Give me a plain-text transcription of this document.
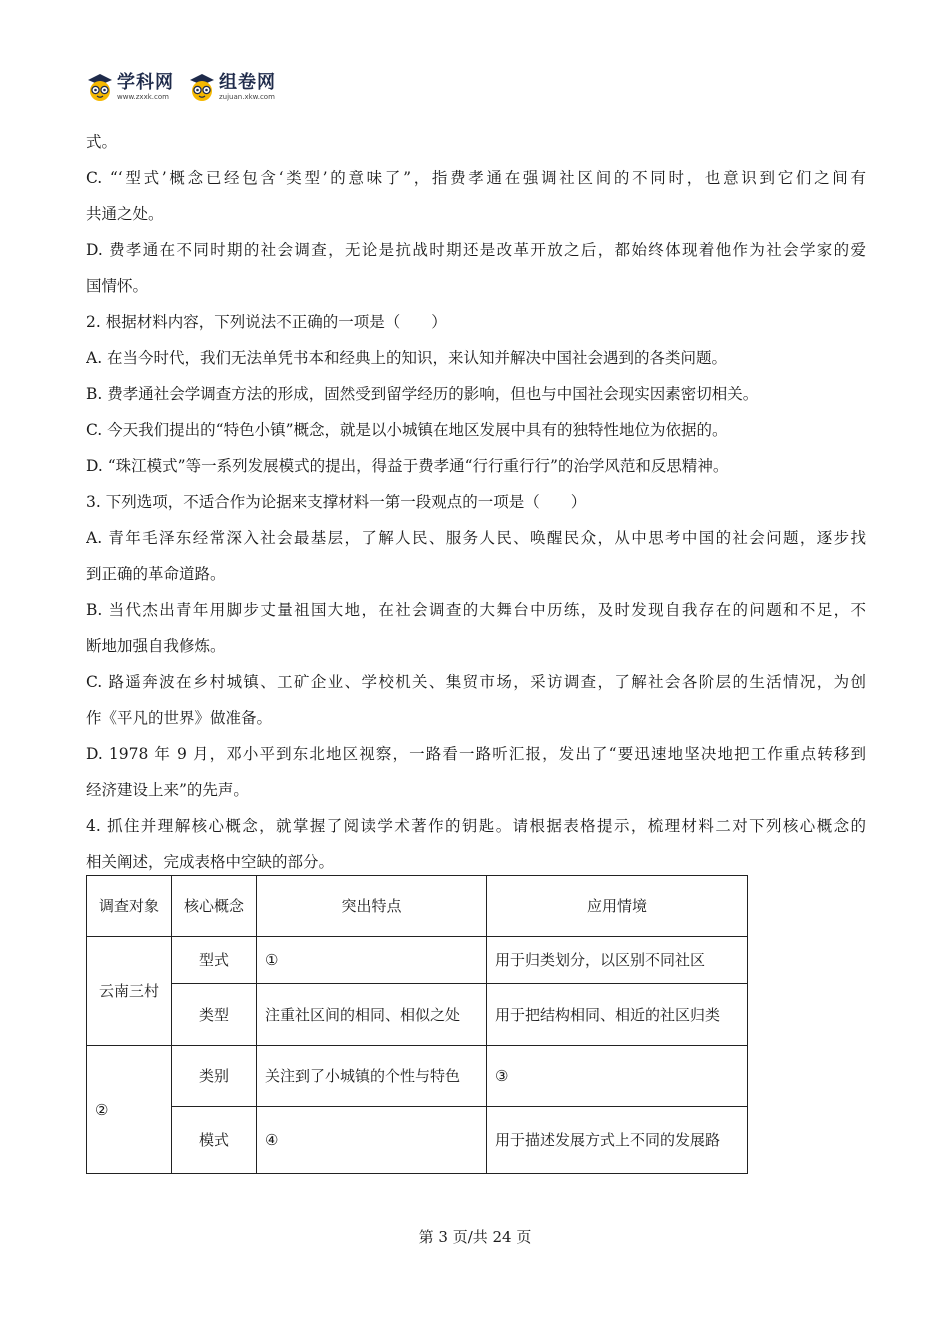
学科网
www.zxxk.com
组卷网
zujuan.xkw.com
式。
C. “‘型式’概念已经包含‘类型’的意味了”，指费孝通在强调社区间的不同时，也意识到它们之间有
共通之处。
D. 费孝通在不同时期的社会调查，无论是抗战时期还是改革开放之后，都始终体现着他作为社会学家的爱
国情怀。
2. 根据材料内容，下列说法不正确的一项是（　　）
A. 在当今时代，我们无法单凭书本和经典上的知识，来认知并解决中国社会遇到的各类问题。
B. 费孝通社会学调查方法的形成，固然受到留学经历的影响，但也与中国社会现实因素密切相关。
C. 今天我们提出的“特色小镇”概念，就是以小城镇在地区发展中具有的独特性地位为依据的。
D. “珠江模式”等一系列发展模式的提出，得益于费孝通“行行重行行”的治学风范和反思精神。
3. 下列选项，不适合作为论据来支撑材料一第一段观点的一项是（　　）
A. 青年毛泽东经常深入社会最基层，了解人民、服务人民、唤醒民众，从中思考中国的社会问题，逐步找
到正确的革命道路。
B. 当代杰出青年用脚步丈量祖国大地，在社会调查的大舞台中历练，及时发现自我存在的问题和不足，不
断地加强自我修炼。
C. 路遥奔波在乡村城镇、工矿企业、学校机关、集贸市场，采访调查，了解社会各阶层的生活情况，为创
作《平凡的世界》做准备。
D. 1978 年 9 月，邓小平到东北地区视察，一路看一路听汇报，发出了“要迅速地坚决地把工作重点转移到
经济建设上来”的先声。
4. 抓住并理解核心概念，就掌握了阅读学术著作的钥匙。请根据表格提示，梳理材料二对下列核心概念的
相关阐述，完成表格中空缺的部分。
调查对象	核心概念	突出特点	应用情境
云南三村	型式	①	用于归类划分，以区别不同社区
	类型	注重社区间的相同、相似之处	用于把结构相同、相近的社区归类
②	类别	关注到了小城镇的个性与特色	③
	模式	④	用于描述发展方式上不同的发展路
第 3 页/共 24 页
